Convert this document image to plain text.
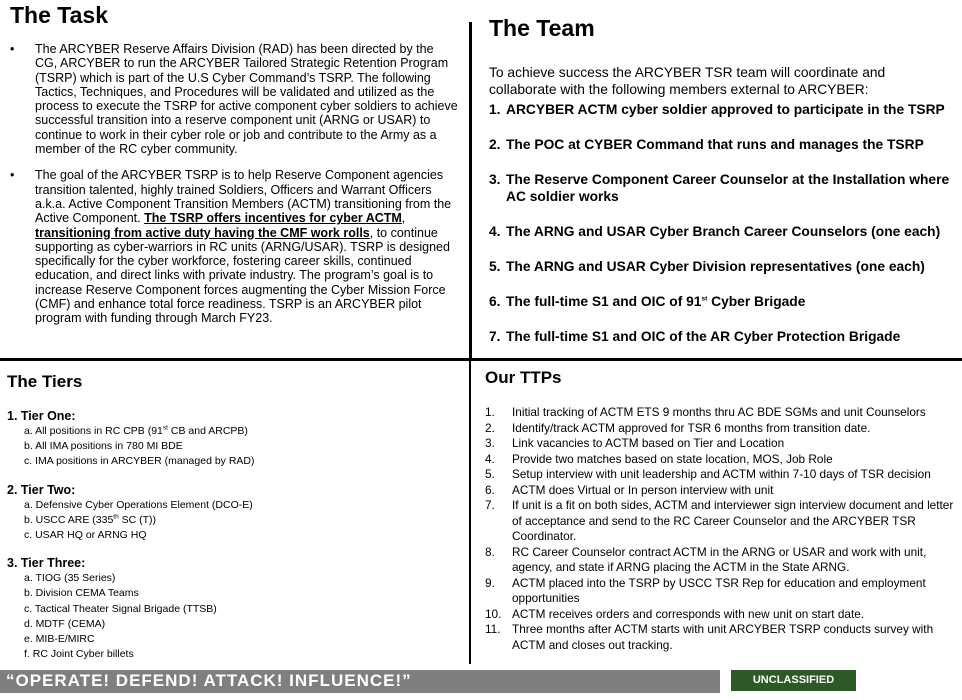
The Task
• The ARCYBER Reserve Affairs Division (RAD) has been directed by the CG, ARCYBER to run the ARCYBER Tailored Strategic Retention Program (TSRP) which is part of the U.S Cyber Command’s TSRP. The following Tactics, Techniques, and Procedures will be validated and utilized as the process to execute the TSRP for active component cyber soldiers to achieve successful transition into a reserve component unit (ARNG or USAR) to continue to work in their cyber role or job and contribute to the Army as a member of the RC cyber community.
• The goal of the ARCYBER TSRP is to help Reserve Component agencies transition talented, highly trained Soldiers, Officers and Warrant Officers a.k.a. Active Component Transition Members (ACTM) transitioning from the Active Component. The TSRP offers incentives for cyber ACTM, transitioning from active duty having the CMF work rolls, to continue supporting as cyber-warriors in RC units (ARNG/USAR). TSRP is designed specifically for the cyber workforce, fostering career skills, continued education, and direct links with private industry. The program’s goal is to increase Reserve Component forces augmenting the Cyber Mission Force (CMF) and enhance total force readiness. TSRP is an ARCYBER pilot program with funding through March FY23.
The Team
To achieve success the ARCYBER TSR team will coordinate and collaborate with the following members external to ARCYBER:
1. ARCYBER ACTM cyber soldier approved to participate in the TSRP
2. The POC at CYBER Command that runs and manages the TSRP
3. The Reserve Component Career Counselor at the Installation where AC soldier works
4. The ARNG and USAR Cyber Branch Career Counselors (one each)
5. The ARNG and USAR Cyber Division representatives (one each)
6. The full-time S1 and OIC of 91st Cyber Brigade
7. The full-time S1 and OIC of the AR Cyber Protection Brigade
The Tiers
1. Tier One:
a. All positions in RC CPB (91st CB and ARCPB)
b. All IMA positions in 780 MI BDE
c. IMA positions in ARCYBER (managed by RAD)
2. Tier Two:
a. Defensive Cyber Operations Element (DCO-E)
b. USCC ARE (335th SC (T))
c. USAR HQ or ARNG HQ
3. Tier Three:
a. TIOG (35 Series)
b. Division CEMA Teams
c. Tactical Theater Signal Brigade (TTSB)
d. MDTF (CEMA)
e. MIB-E/MIRC
f. RC Joint Cyber billets
Our TTPs
1. Initial tracking of ACTM ETS 9 months thru AC BDE SGMs and unit Counselors
2. Identify/track ACTM approved for TSR 6 months from transition date.
3. Link vacancies to ACTM based on Tier and Location
4. Provide two matches based on state location, MOS, Job Role
5. Setup interview with unit leadership and ACTM within 7-10 days of TSR decision
6. ACTM does Virtual or In person interview with unit
7. If unit is a fit on both sides, ACTM and interviewer sign interview document and letter of acceptance and send to the RC Career Counselor and the ARCYBER TSR Coordinator.
8. RC Career Counselor contract ACTM in the ARNG or USAR and work with unit, agency, and state if ARNG placing the ACTM in the State ARNG.
9. ACTM placed into the TSRP by USCC TSR Rep for education and employment opportunities
10. ACTM receives orders and corresponds with new unit on start date.
11. Three months after ACTM starts with unit ARCYBER TSRP conducts survey with ACTM and closes out tracking.
“OPERATE! DEFEND! ATTACK! INFLUENCE!”	UNCLASSIFIED
